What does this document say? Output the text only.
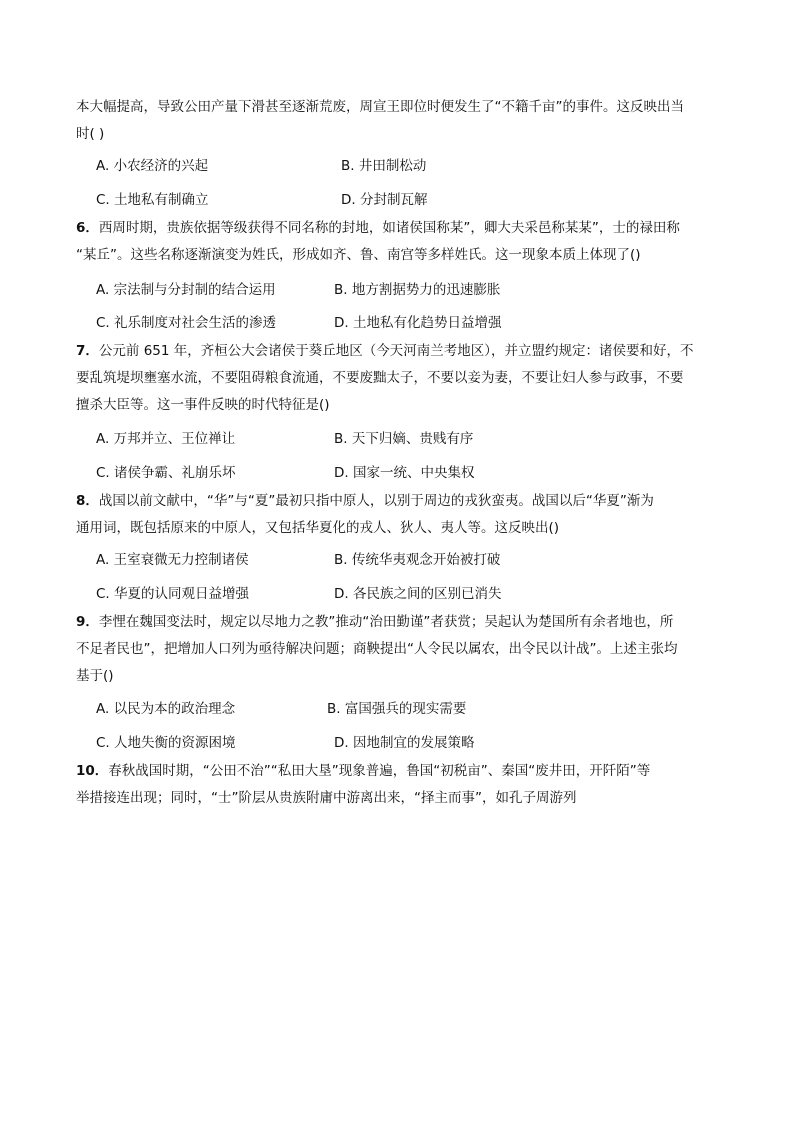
本大幅提高，导致公田产量下滑甚至逐渐荒废，周宣王即位时便发生了“不籍千亩”的事件。这反映出当
时( )
A. 小农经济的兴起	B. 井田制松动
C. 土地私有制确立	D. 分封制瓦解
6．西周时期，贵族依据等级获得不同名称的封地，如诸侯国称某”，卿大夫采邑称某某”，士的禄田称
“某丘”。这些名称逐渐演变为姓氏，形成如齐、鲁、南宫等多样姓氏。这一现象本质上体现了()
A. 宗法制与分封制的结合运用	B. 地方割据势力的迅速膨胀
C. 礼乐制度对社会生活的渗透	D. 土地私有化趋势日益增强
7．公元前 651 年，齐桓公大会诸侯于葵丘地区（今天河南兰考地区），并立盟约规定：诸侯要和好，不
要乱筑堤坝壅塞水流，不要阻碍粮食流通，不要废黜太子，不要以妾为妻，不要让妇人参与政事，不要
擅杀大臣等。这一事件反映的时代特征是()
A. 万邦并立、王位禅让	B. 天下归嫡、贵贱有序
C. 诸侯争霸、礼崩乐坏	D. 国家一统、中央集权
8．战国以前文献中，“华”与“夏”最初只指中原人，以别于周边的戎狄蛮夷。战国以后“华夏”渐为
通用词，既包括原来的中原人，又包括华夏化的戎人、狄人、夷人等。这反映出()
A. 王室衰微无力控制诸侯	B. 传统华夷观念开始被打破
C. 华夏的认同观日益增强	D. 各民族之间的区别已消失
9．李悝在魏国变法时，规定以尽地力之教”推动“治田勤谨”者获赏；吴起认为楚国所有余者地也，所
不足者民也”，把增加人口列为亟待解决问题；商鞅提出“人令民以属农，出令民以计战”。上述主张均
基于()
A. 以民为本的政治理念	B. 富国强兵的现实需要
C. 人地失衡的资源困境	D. 因地制宜的发展策略
10．春秋战国时期，“公田不治”“私田大垦”现象普遍，鲁国“初税亩”、秦国“废井田，开阡陌”等
举措接连出现；同时，“士”阶层从贵族附庸中游离出来，“择主而事”，如孔子周游列
